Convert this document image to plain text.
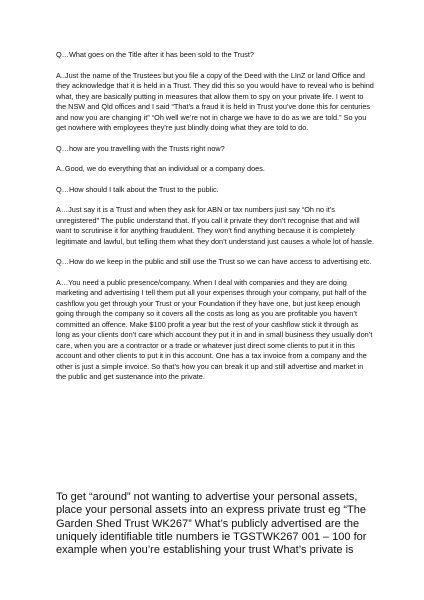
Q…What goes on the Title after it has been sold to the Trust?

A..Just the name of the Trustees but you file a copy of the Deed with the LInZ or land Office and they acknowledge that it is held in a Trust. They did this so you would have to reveal who is behind what, they are basically putting in measures that allow them to spy on your private life. I went to the NSW and Qld offices and I said “That’s a fraud it is held in Trust you’ve done this for centuries and now you are changing it” “Oh well we’re not in charge we have to do as we are told.” So you get nowhere with employees they’re just blindly doing what they are told to do.

Q…how are you travelling with the Trusts right now?

A..Good, we do everything that an individual or a company does.

Q…How should I talk about the Trust to the public.

A…Just say it is a Trust and when they ask for ABN or tax numbers just say “Oh no it’s unregistered” The public understand that. If you call it private they don’t recognise that and will want to scrutinise it for anything fraudulent. They won’t find anything because it is completely legitimate and lawful, but telling them what they don’t understand just causes a whole lot of hassle.

Q…How do we keep in the public and still use the Trust so we can have access to advertising etc.

A…You need a public presence/company. When I deal with companies and they are doing marketing and advertising I tell them put all your expenses through your company, put half of the cashflow you get through your Trust or your Foundation if they have one, but just keep enough going through the company so it covers all the costs as long as you are profitable you haven’t committed an offence. Make $100 profit a year but the rest of your cashflow stick it through as long as your clients don’t care which account they put it in and in small business they usually don’t care, when you are a contractor or a trade or whatever just direct some clients to put it in this account and other clients to put it in this account. One has a tax invoice from a company and the other is just a simple invoice. So that’s how you can break it up and still advertise and market in the public and get sustenance into the private.

To get “around” not wanting to advertise your personal assets, place your personal assets into an express private trust eg “The Garden Shed Trust WK267” What’s publicly advertised are the uniquely identifiable title numbers ie TGSTWK267 001 – 100 for example when you’re establishing your trust What’s private is
